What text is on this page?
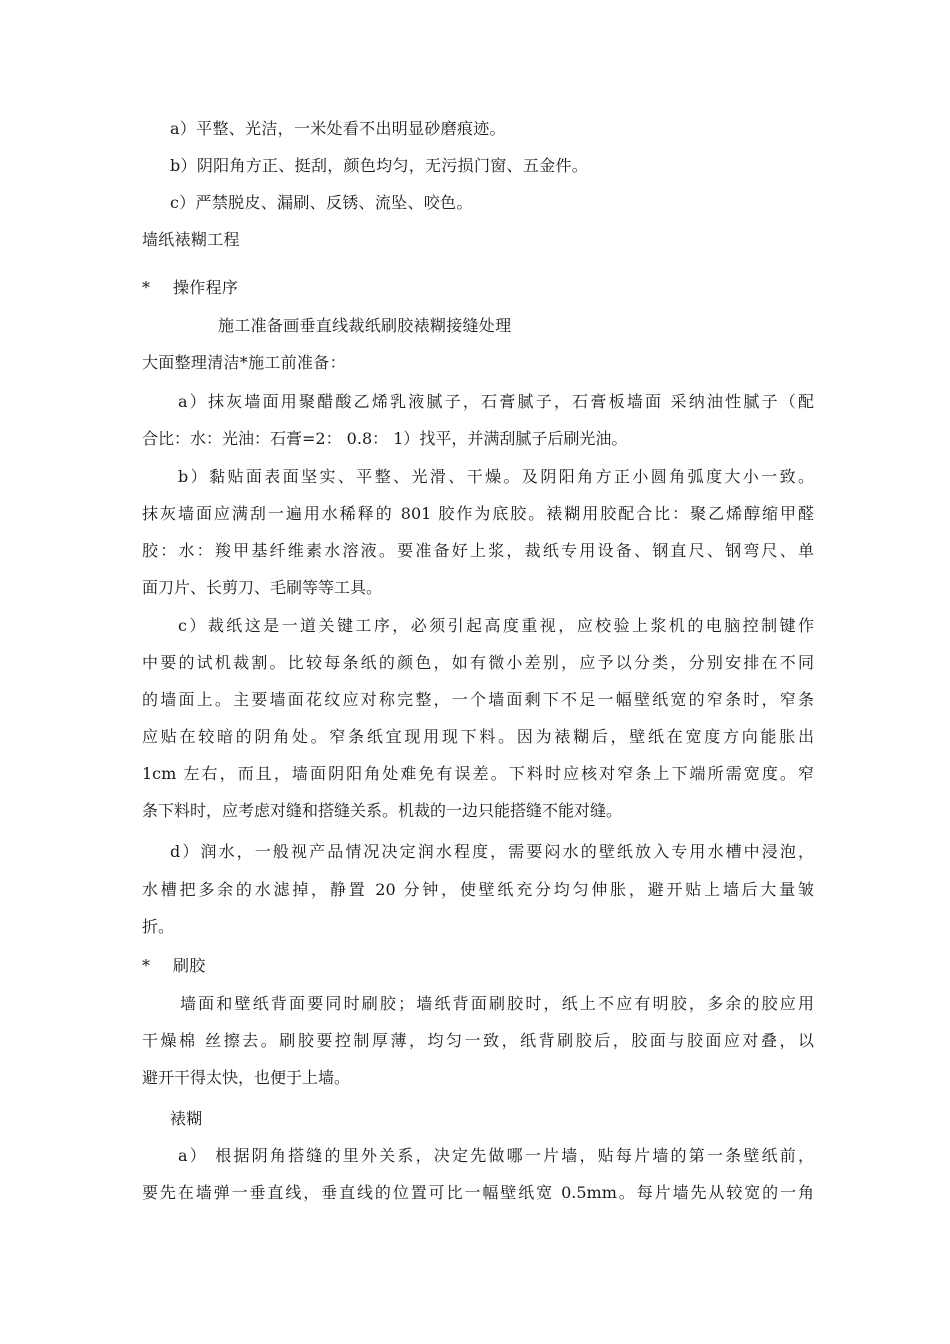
a）平整、光洁，一米处看不出明显砂磨痕迹。
b）阴阳角方正、挺刮，颜色均匀，无污损门窗、五金件。
c）严禁脱皮、漏刷、反锈、流坠、咬色。
墙纸裱糊工程
* 操作程序
施工准备画垂直线裁纸刷胶裱糊接缝处理
大面整理清洁*施工前准备：
a）抹灰墙面用聚醋酸乙烯乳液腻子，石膏腻子，石膏板墙面 采纳油性腻子（配
合比：水：光油：石膏=2： 0.8： 1）找平，并满刮腻子后刷光油。
b）黏贴面表面坚实、平整、光滑、干燥。及阴阳角方正小圆角弧度大小一致。
抹灰墙面应满刮一遍用水稀释的 801 胶作为底胶。裱糊用胶配合比：聚乙烯醇缩甲醛
胶：水：羧甲基纤维素水溶液。要准备好上浆，裁纸专用设备、钢直尺、钢弯尺、单
面刀片、长剪刀、毛刷等等工具。
c）裁纸这是一道关键工序，必须引起高度重视，应校验上浆机的电脑控制键作
中要的试机裁割。比较每条纸的颜色，如有微小差别，应予以分类，分别安排在不同
的墙面上。主要墙面花纹应对称完整，一个墙面剩下不足一幅壁纸宽的窄条时，窄条
应贴在较暗的阴角处。窄条纸宜现用现下料。因为裱糊后，壁纸在宽度方向能胀出
1cm 左右，而且，墙面阴阳角处难免有误差。下料时应核对窄条上下端所需宽度。窄
条下料时，应考虑对缝和搭缝关系。机裁的一边只能搭缝不能对缝。
d）润水，一般视产品情况决定润水程度，需要闷水的壁纸放入专用水槽中浸泡，
水槽把多余的水滤掉，静置 20 分钟，使壁纸充分均匀伸胀，避开贴上墙后大量皱
折。
* 刷胶
墙面和壁纸背面要同时刷胶；墙纸背面刷胶时，纸上不应有明胶，多余的胶应用
干燥棉 丝擦去。刷胶要控制厚薄，均匀一致，纸背刷胶后，胶面与胶面应对叠，以
避开干得太快，也便于上墙。
裱糊
a） 根据阴角搭缝的里外关系，决定先做哪一片墙，贴每片墙的第一条壁纸前，
要先在墙弹一垂直线，垂直线的位置可比一幅壁纸宽 0.5mm。每片墙先从较宽的一角
